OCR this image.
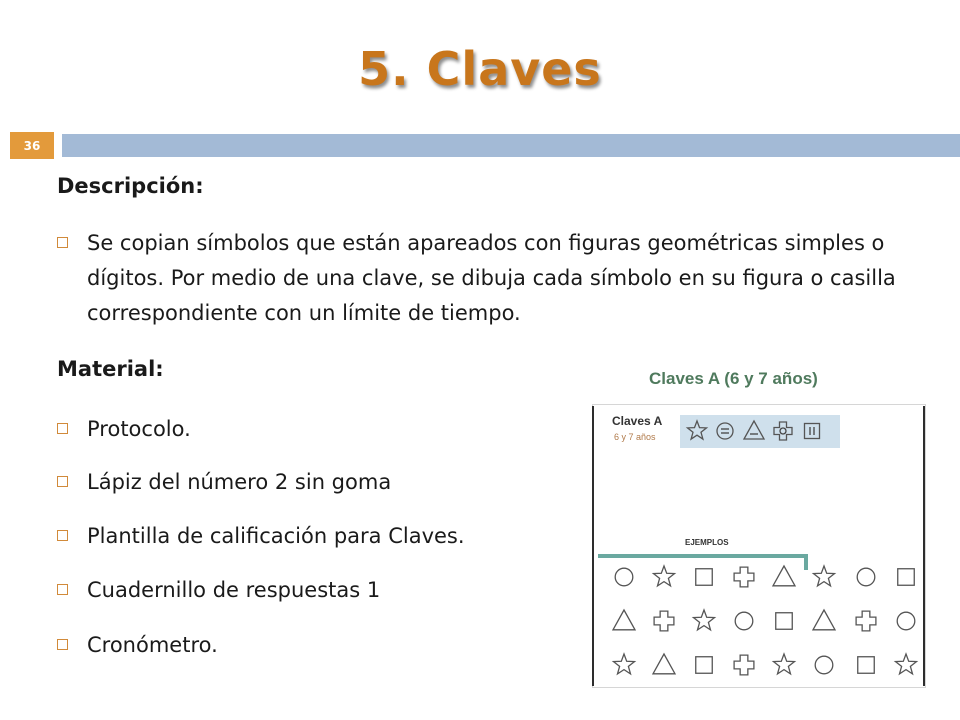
5. Claves
36
Descripción:
Se copian símbolos que están apareados con figuras geométricas simples o dígitos. Por medio de una clave, se dibuja cada símbolo en su figura o casilla correspondiente con un límite de tiempo.
Material:
Protocolo.
Lápiz del número 2 sin goma
Plantilla de calificación para Claves.
Cuadernillo de respuestas 1
Cronómetro.
Claves A (6 y 7 años)
Claves A
6 y 7 años
EJEMPLOS
